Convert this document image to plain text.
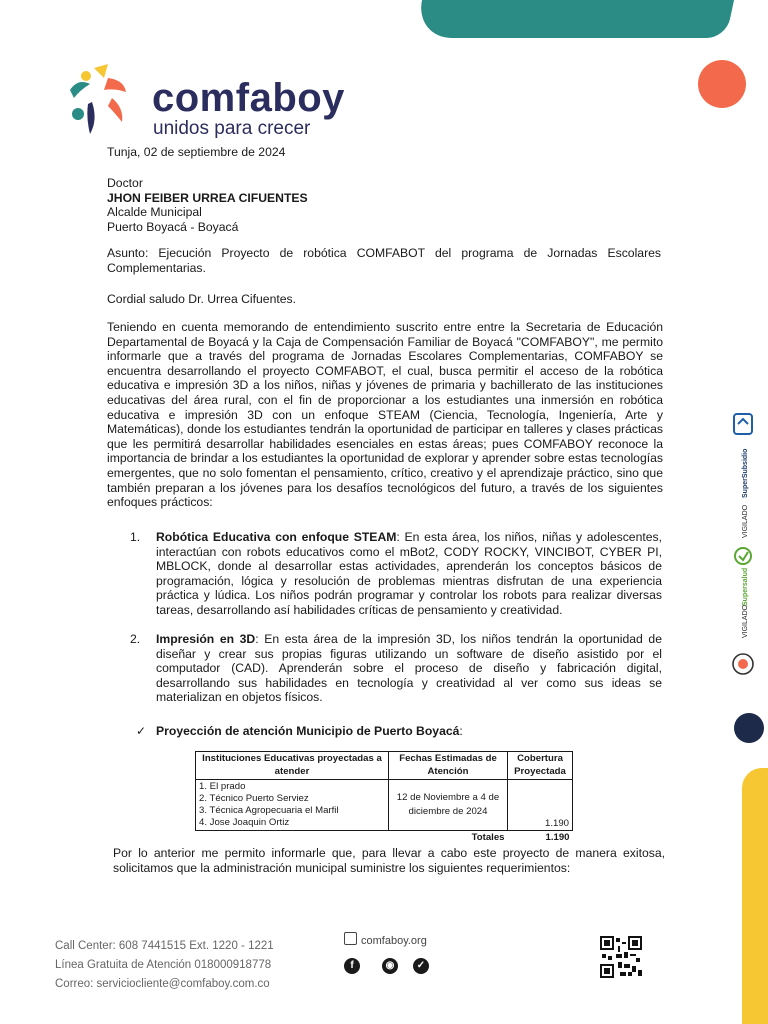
comfaboy
unidos para crecer
Tunja, 02 de septiembre de 2024
Doctor
JHON FEIBER URREA CIFUENTES
Alcalde Municipal
Puerto Boyacá - Boyacá
Asunto: Ejecución Proyecto de robótica COMFABOT del programa de Jornadas Escolares Complementarias.
Cordial saludo Dr. Urrea Cifuentes.
Teniendo en cuenta memorando de entendimiento suscrito entre entre la Secretaria de Educación Departamental de Boyacá y la Caja de Compensación Familiar de Boyacá "COMFABOY", me permito informarle que a través del programa de Jornadas Escolares Complementarias, COMFABOY se encuentra desarrollando el proyecto COMFABOT, el cual, busca permitir el acceso de la robótica educativa e impresión 3D a los niños, niñas y jóvenes de primaria y bachillerato de las instituciones educativas del área rural, con el fin de proporcionar a los estudiantes una inmersión en robótica educativa e impresión 3D con un enfoque STEAM (Ciencia, Tecnología, Ingeniería, Arte y Matemáticas), donde los estudiantes tendrán la oportunidad de participar en talleres y clases prácticas que les permitirá desarrollar habilidades esenciales en estas áreas; pues COMFABOY reconoce la importancia de brindar a los estudiantes la oportunidad de explorar y aprender sobre estas tecnologías emergentes, que no solo fomentan el pensamiento, crítico, creativo y el aprendizaje práctico, sino que también preparan a los jóvenes para los desafíos tecnológicos del futuro, a través de los siguientes enfoques prácticos:
1. Robótica Educativa con enfoque STEAM: En esta área, los niños, niñas y adolescentes, interactúan con robots educativos como el mBot2, CODY ROCKY, VINCIBOT, CYBER PI, MBLOCK, donde al desarrollar estas actividades, aprenderán los conceptos básicos de programación, lógica y resolución de problemas mientras disfrutan de una experiencia práctica y lúdica. Los niños podrán programar y controlar los robots para realizar diversas tareas, desarrollando así habilidades críticas de pensamiento y creatividad.
2. Impresión en 3D: En esta área de la impresión 3D, los niños tendrán la oportunidad de diseñar y crear sus propias figuras utilizando un software de diseño asistido por el computador (CAD). Aprenderán sobre el proceso de diseño y fabricación digital, desarrollando sus habilidades en tecnología y creatividad al ver como sus ideas se materializan en objetos físicos.
✓ Proyección de atención Municipio de Puerto Boyacá:
Instituciones Educativas proyectadas a atender	Fechas Estimadas de Atención	Cobertura Proyectada

1. El prado
2. Técnico Puerto Serviez
3. Técnica Agropecuaria el Marfil
4. Jose Joaquin Ortiz	12 de Noviembre a 4 de diciembre de 2024	1.190
	Totales	1.190
Por lo anterior me permito informarle que, para llevar a cabo este proyecto de manera exitosa, solicitamos que la administración municipal suministre los siguientes requerimientos:
Call Center: 608 7441515 Ext. 1220 - 1221
Línea Gratuita de Atención 018000918778
Correo: serviciocliente@comfaboy.com.co
comfaboy.org
f	◉	✓
VIGILADO
SuperSubsidio
VIGILADO
Supersalud
